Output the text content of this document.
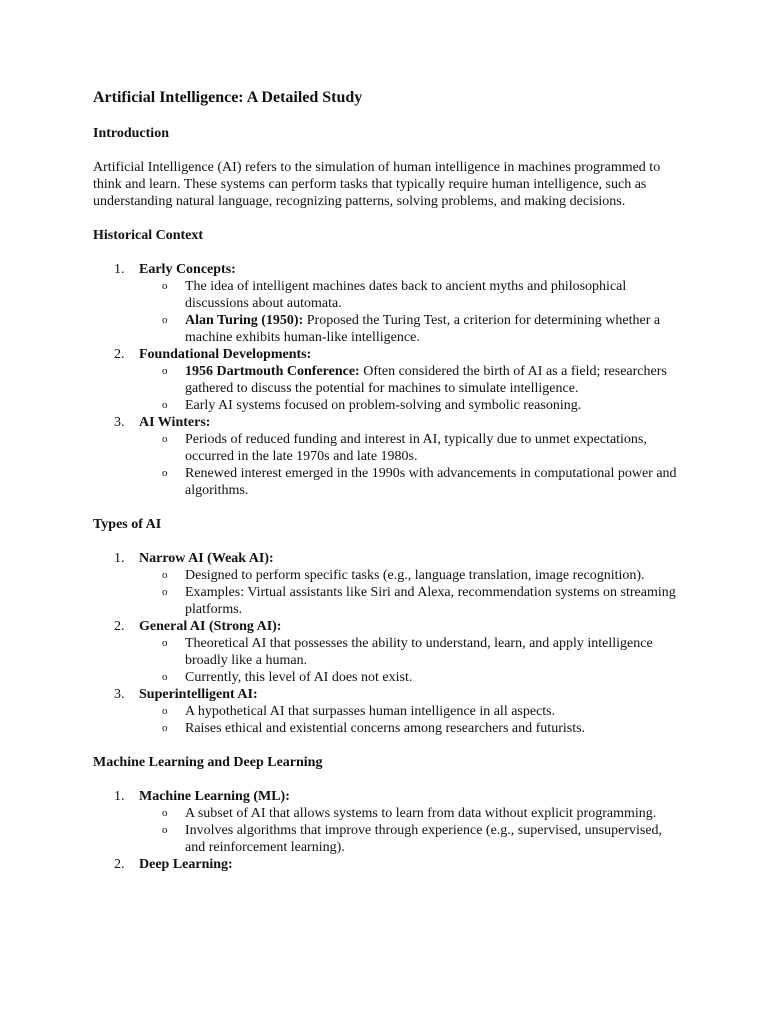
Artificial Intelligence: A Detailed Study
Introduction

Artificial Intelligence (AI) refers to the simulation of human intelligence in machines programmed to think and learn. These systems can perform tasks that typically require human intelligence, such as understanding natural language, recognizing patterns, solving problems, and making decisions.

Historical Context
1. Early Concepts:
o The idea of intelligent machines dates back to ancient myths and philosophical discussions about automata.
o Alan Turing (1950): Proposed the Turing Test, a criterion for determining whether a machine exhibits human-like intelligence.
2. Foundational Developments:
o 1956 Dartmouth Conference: Often considered the birth of AI as a field; researchers gathered to discuss the potential for machines to simulate intelligence.
o Early AI systems focused on problem-solving and symbolic reasoning.
3. AI Winters:
o Periods of reduced funding and interest in AI, typically due to unmet expectations, occurred in the late 1970s and late 1980s.
o Renewed interest emerged in the 1990s with advancements in computational power and algorithms.
Types of AI
1. Narrow AI (Weak AI):
o Designed to perform specific tasks (e.g., language translation, image recognition).
o Examples: Virtual assistants like Siri and Alexa, recommendation systems on streaming platforms.
2. General AI (Strong AI):
o Theoretical AI that possesses the ability to understand, learn, and apply intelligence broadly like a human.
o Currently, this level of AI does not exist.
3. Superintelligent AI:
o A hypothetical AI that surpasses human intelligence in all aspects.
o Raises ethical and existential concerns among researchers and futurists.
Machine Learning and Deep Learning
1. Machine Learning (ML):
o A subset of AI that allows systems to learn from data without explicit programming.
o Involves algorithms that improve through experience (e.g., supervised, unsupervised, and reinforcement learning).
2. Deep Learning:
